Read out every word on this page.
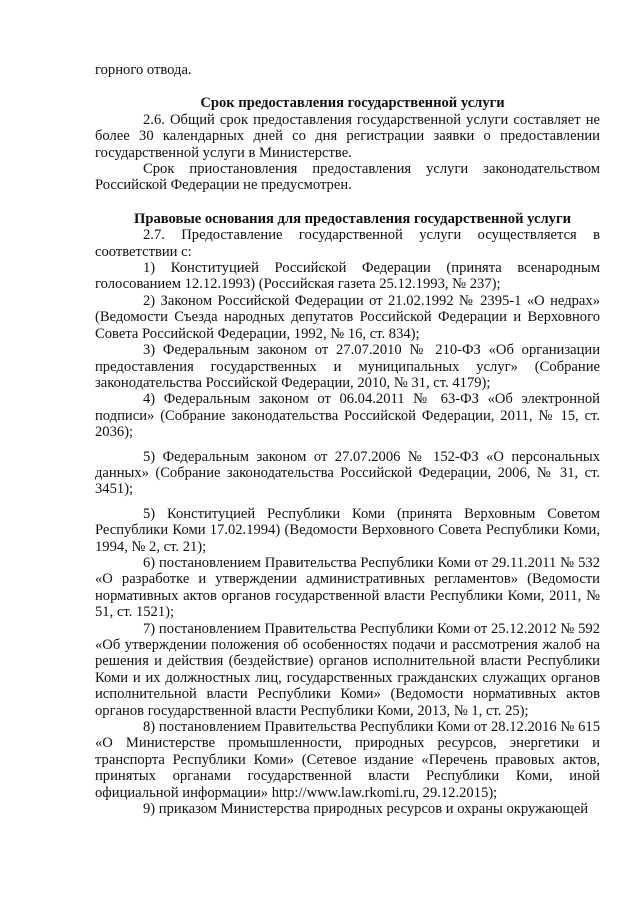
горного отвода.

Срок предоставления государственной услуги

2.6. Общий срок предоставления государственной услуги составляет не более 30 календарных дней со дня регистрации заявки о предоставлении государственной услуги в Министерстве.

Срок приостановления предоставления услуги законодательством Российской Федерации не предусмотрен.

Правовые основания для предоставления государственной услуги

2.7. Предоставление государственной услуги осуществляется в соответствии с:

1) Конституцией Российской Федерации (принята всенародным голосованием 12.12.1993) (Российская газета 25.12.1993, № 237);

2) Законом Российской Федерации от 21.02.1992 № 2395-1 «О недрах» (Ведомости Съезда народных депутатов Российской Федерации и Верховного Совета Российской Федерации, 1992, № 16, ст. 834);

3) Федеральным законом от 27.07.2010 № 210-ФЗ «Об организации предоставления государственных и муниципальных услуг» (Собрание законодательства Российской Федерации, 2010, № 31, ст. 4179);

4) Федеральным законом от 06.04.2011 № 63-ФЗ «Об электронной подписи» (Собрание законодательства Российской Федерации, 2011, № 15, ст. 2036);

5) Федеральным законом от 27.07.2006 № 152-ФЗ «О персональных данных» (Собрание законодательства Российской Федерации, 2006, № 31, ст. 3451);

5) Конституцией Республики Коми (принята Верховным Советом Республики Коми 17.02.1994) (Ведомости Верховного Совета Республики Коми, 1994, № 2, ст. 21);

6) постановлением Правительства Республики Коми от 29.11.2011 № 532 «О разработке и утверждении административных регламентов» (Ведомости нормативных актов органов государственной власти Республики Коми, 2011, № 51, ст. 1521);

7) постановлением Правительства Республики Коми от 25.12.2012 № 592 «Об утверждении положения об особенностях подачи и рассмотрения жалоб на решения и действия (бездействие) органов исполнительной власти Республики Коми и их должностных лиц, государственных гражданских служащих органов исполнительной власти Республики Коми» (Ведомости нормативных актов органов государственной власти Республики Коми, 2013, № 1, ст. 25);

8) постановлением Правительства Республики Коми от 28.12.2016 № 615 «О Министерстве промышленности, природных ресурсов, энергетики и транспорта Республики Коми» (Сетевое издание «Перечень правовых актов, принятых органами государственной власти Республики Коми, иной официальной информации» http://www.law.rkomi.ru, 29.12.2015);

9) приказом Министерства природных ресурсов и охраны окружающей
